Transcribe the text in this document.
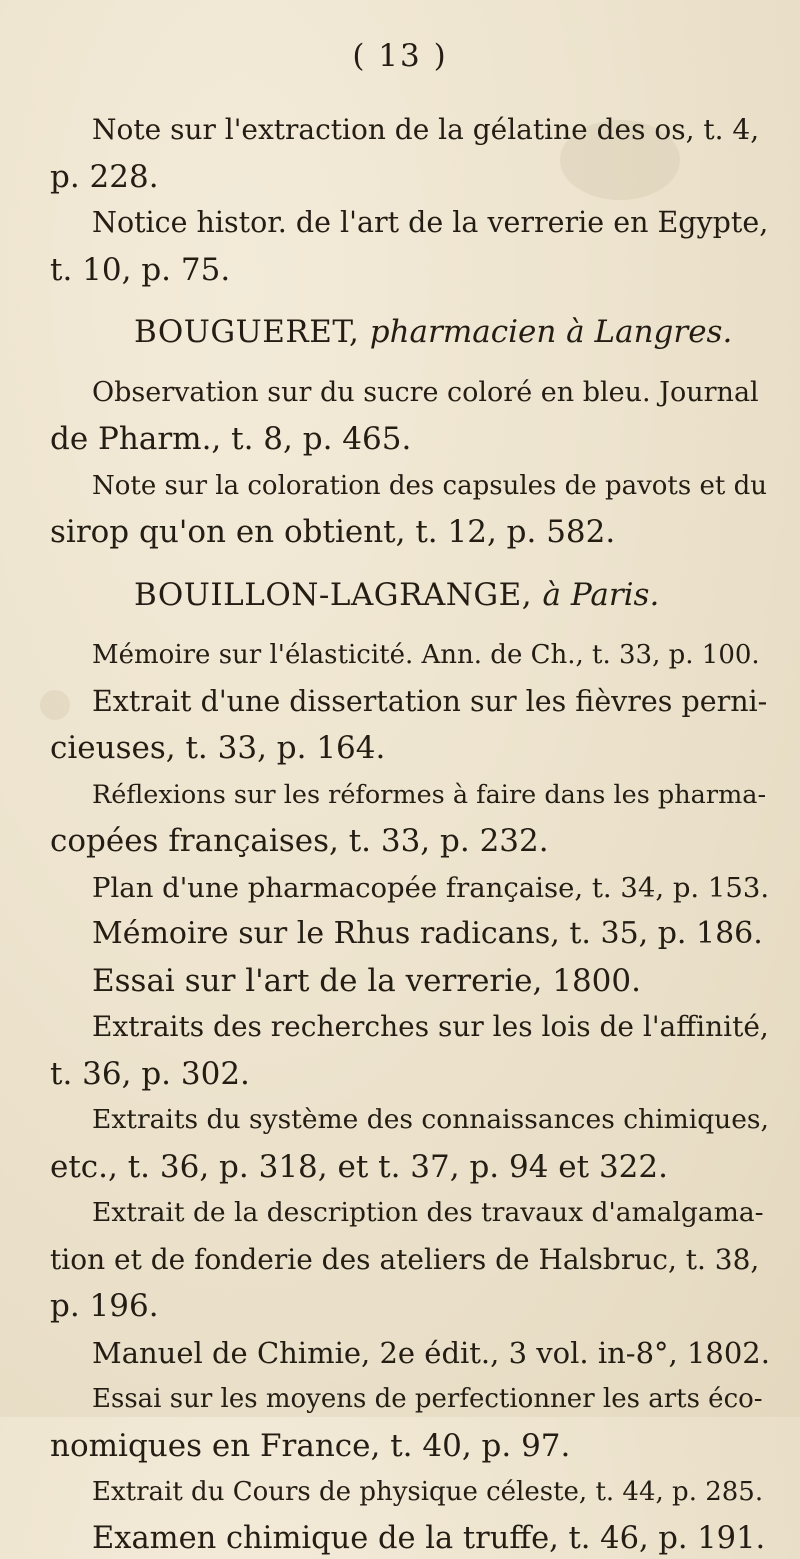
( 13 )
Note sur l'extraction de la gélatine des os, t. 4,
p. 228.
Notice histor. de l'art de la verrerie en Egypte,
t. 10, p. 75.
BOUGUERET, pharmacien à Langres.
Observation sur du sucre coloré en bleu. Journal
de Pharm., t. 8, p. 465.
Note sur la coloration des capsules de pavots et du
sirop qu'on en obtient, t. 12, p. 582.
BOUILLON-LAGRANGE, à Paris.
Mémoire sur l'élasticité. Ann. de Ch., t. 33, p. 100.
Extrait d'une dissertation sur les fièvres perni-
cieuses, t. 33, p. 164.
Réflexions sur les réformes à faire dans les pharma-
copées françaises, t. 33, p. 232.
Plan d'une pharmacopée française, t. 34, p. 153.
Mémoire sur le Rhus radicans, t. 35, p. 186.
Essai sur l'art de la verrerie, 1800.
Extraits des recherches sur les lois de l'affinité,
t. 36, p. 302.
Extraits du système des connaissances chimiques,
etc., t. 36, p. 318, et t. 37, p. 94 et 322.
Extrait de la description des travaux d'amalgama-
tion et de fonderie des ateliers de Halsbruc, t. 38,
p. 196.
Manuel de Chimie, 2e édit., 3 vol. in-8°, 1802.
Essai sur les moyens de perfectionner les arts éco-
nomiques en France, t. 40, p. 97.
Extrait du Cours de physique céleste, t. 44, p. 285.
Examen chimique de la truffe, t. 46, p. 191.
